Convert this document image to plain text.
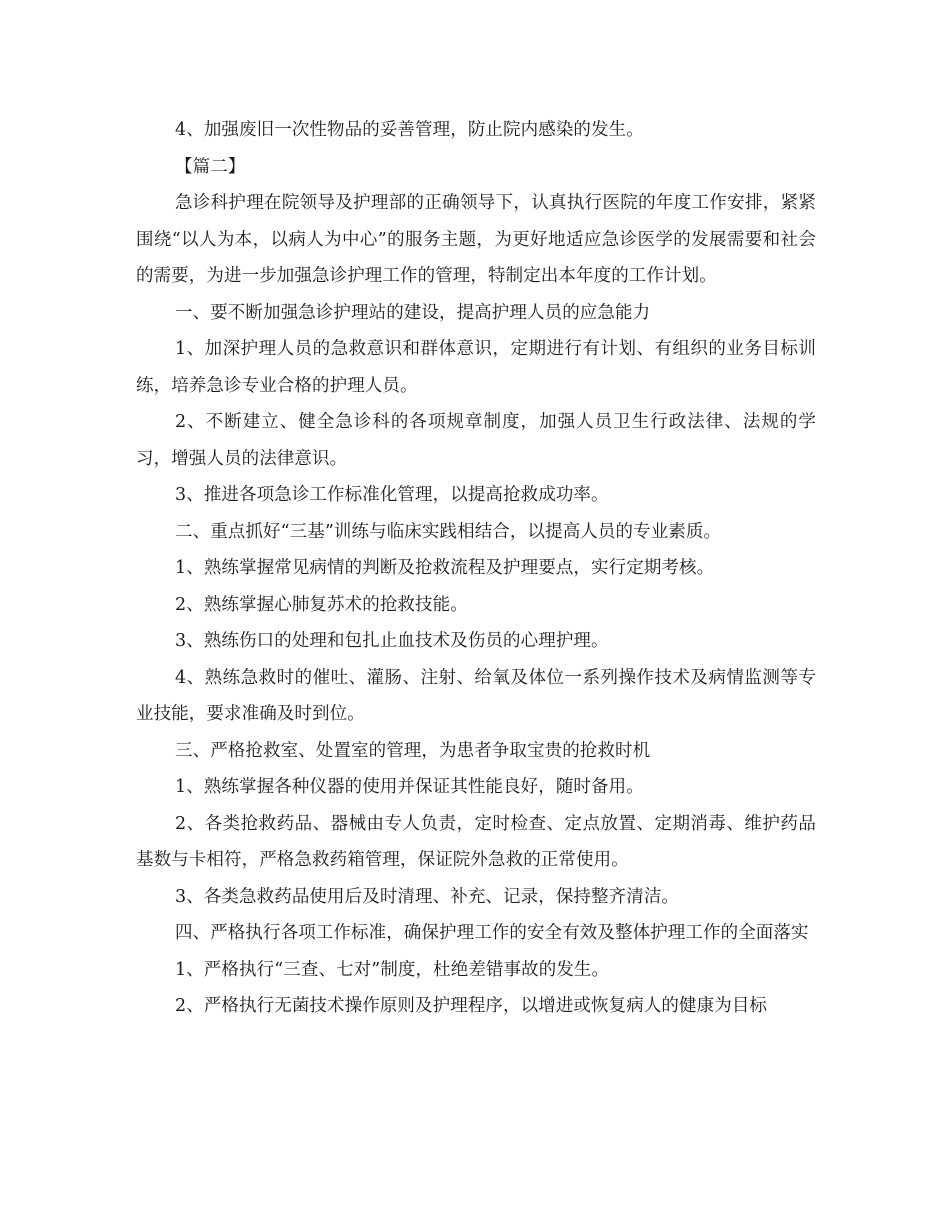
4、加强废旧一次性物品的妥善管理，防止院内感染的发生。

【篇二】

急诊科护理在院领导及护理部的正确领导下，认真执行医院的年度工作安排，紧紧围绕“以人为本，以病人为中心”的服务主题，为更好地适应急诊医学的发展需要和社会的需要，为进一步加强急诊护理工作的管理，特制定出本年度的工作计划。

一、要不断加强急诊护理站的建设，提高护理人员的应急能力

1、加深护理人员的急救意识和群体意识，定期进行有计划、有组织的业务目标训练，培养急诊专业合格的护理人员。

2、不断建立、健全急诊科的各项规章制度，加强人员卫生行政法律、法规的学习，增强人员的法律意识。

3、推进各项急诊工作标准化管理，以提高抢救成功率。

二、重点抓好“三基”训练与临床实践相结合，以提高人员的专业素质。

1、熟练掌握常见病情的判断及抢救流程及护理要点，实行定期考核。

2、熟练掌握心肺复苏术的抢救技能。

3、熟练伤口的处理和包扎止血技术及伤员的心理护理。

4、熟练急救时的催吐、灌肠、注射、给氧及体位一系列操作技术及病情监测等专业技能，要求准确及时到位。

三、严格抢救室、处置室的管理，为患者争取宝贵的抢救时机

1、熟练掌握各种仪器的使用并保证其性能良好，随时备用。

2、各类抢救药品、器械由专人负责，定时检查、定点放置、定期消毒、维护药品基数与卡相符，严格急救药箱管理，保证院外急救的正常使用。

3、各类急救药品使用后及时清理、补充、记录，保持整齐清洁。

四、严格执行各项工作标准，确保护理工作的安全有效及整体护理工作的全面落实

1、严格执行“三查、七对”制度，杜绝差错事故的发生。

2、严格执行无菌技术操作原则及护理程序，以增进或恢复病人的健康为目标
